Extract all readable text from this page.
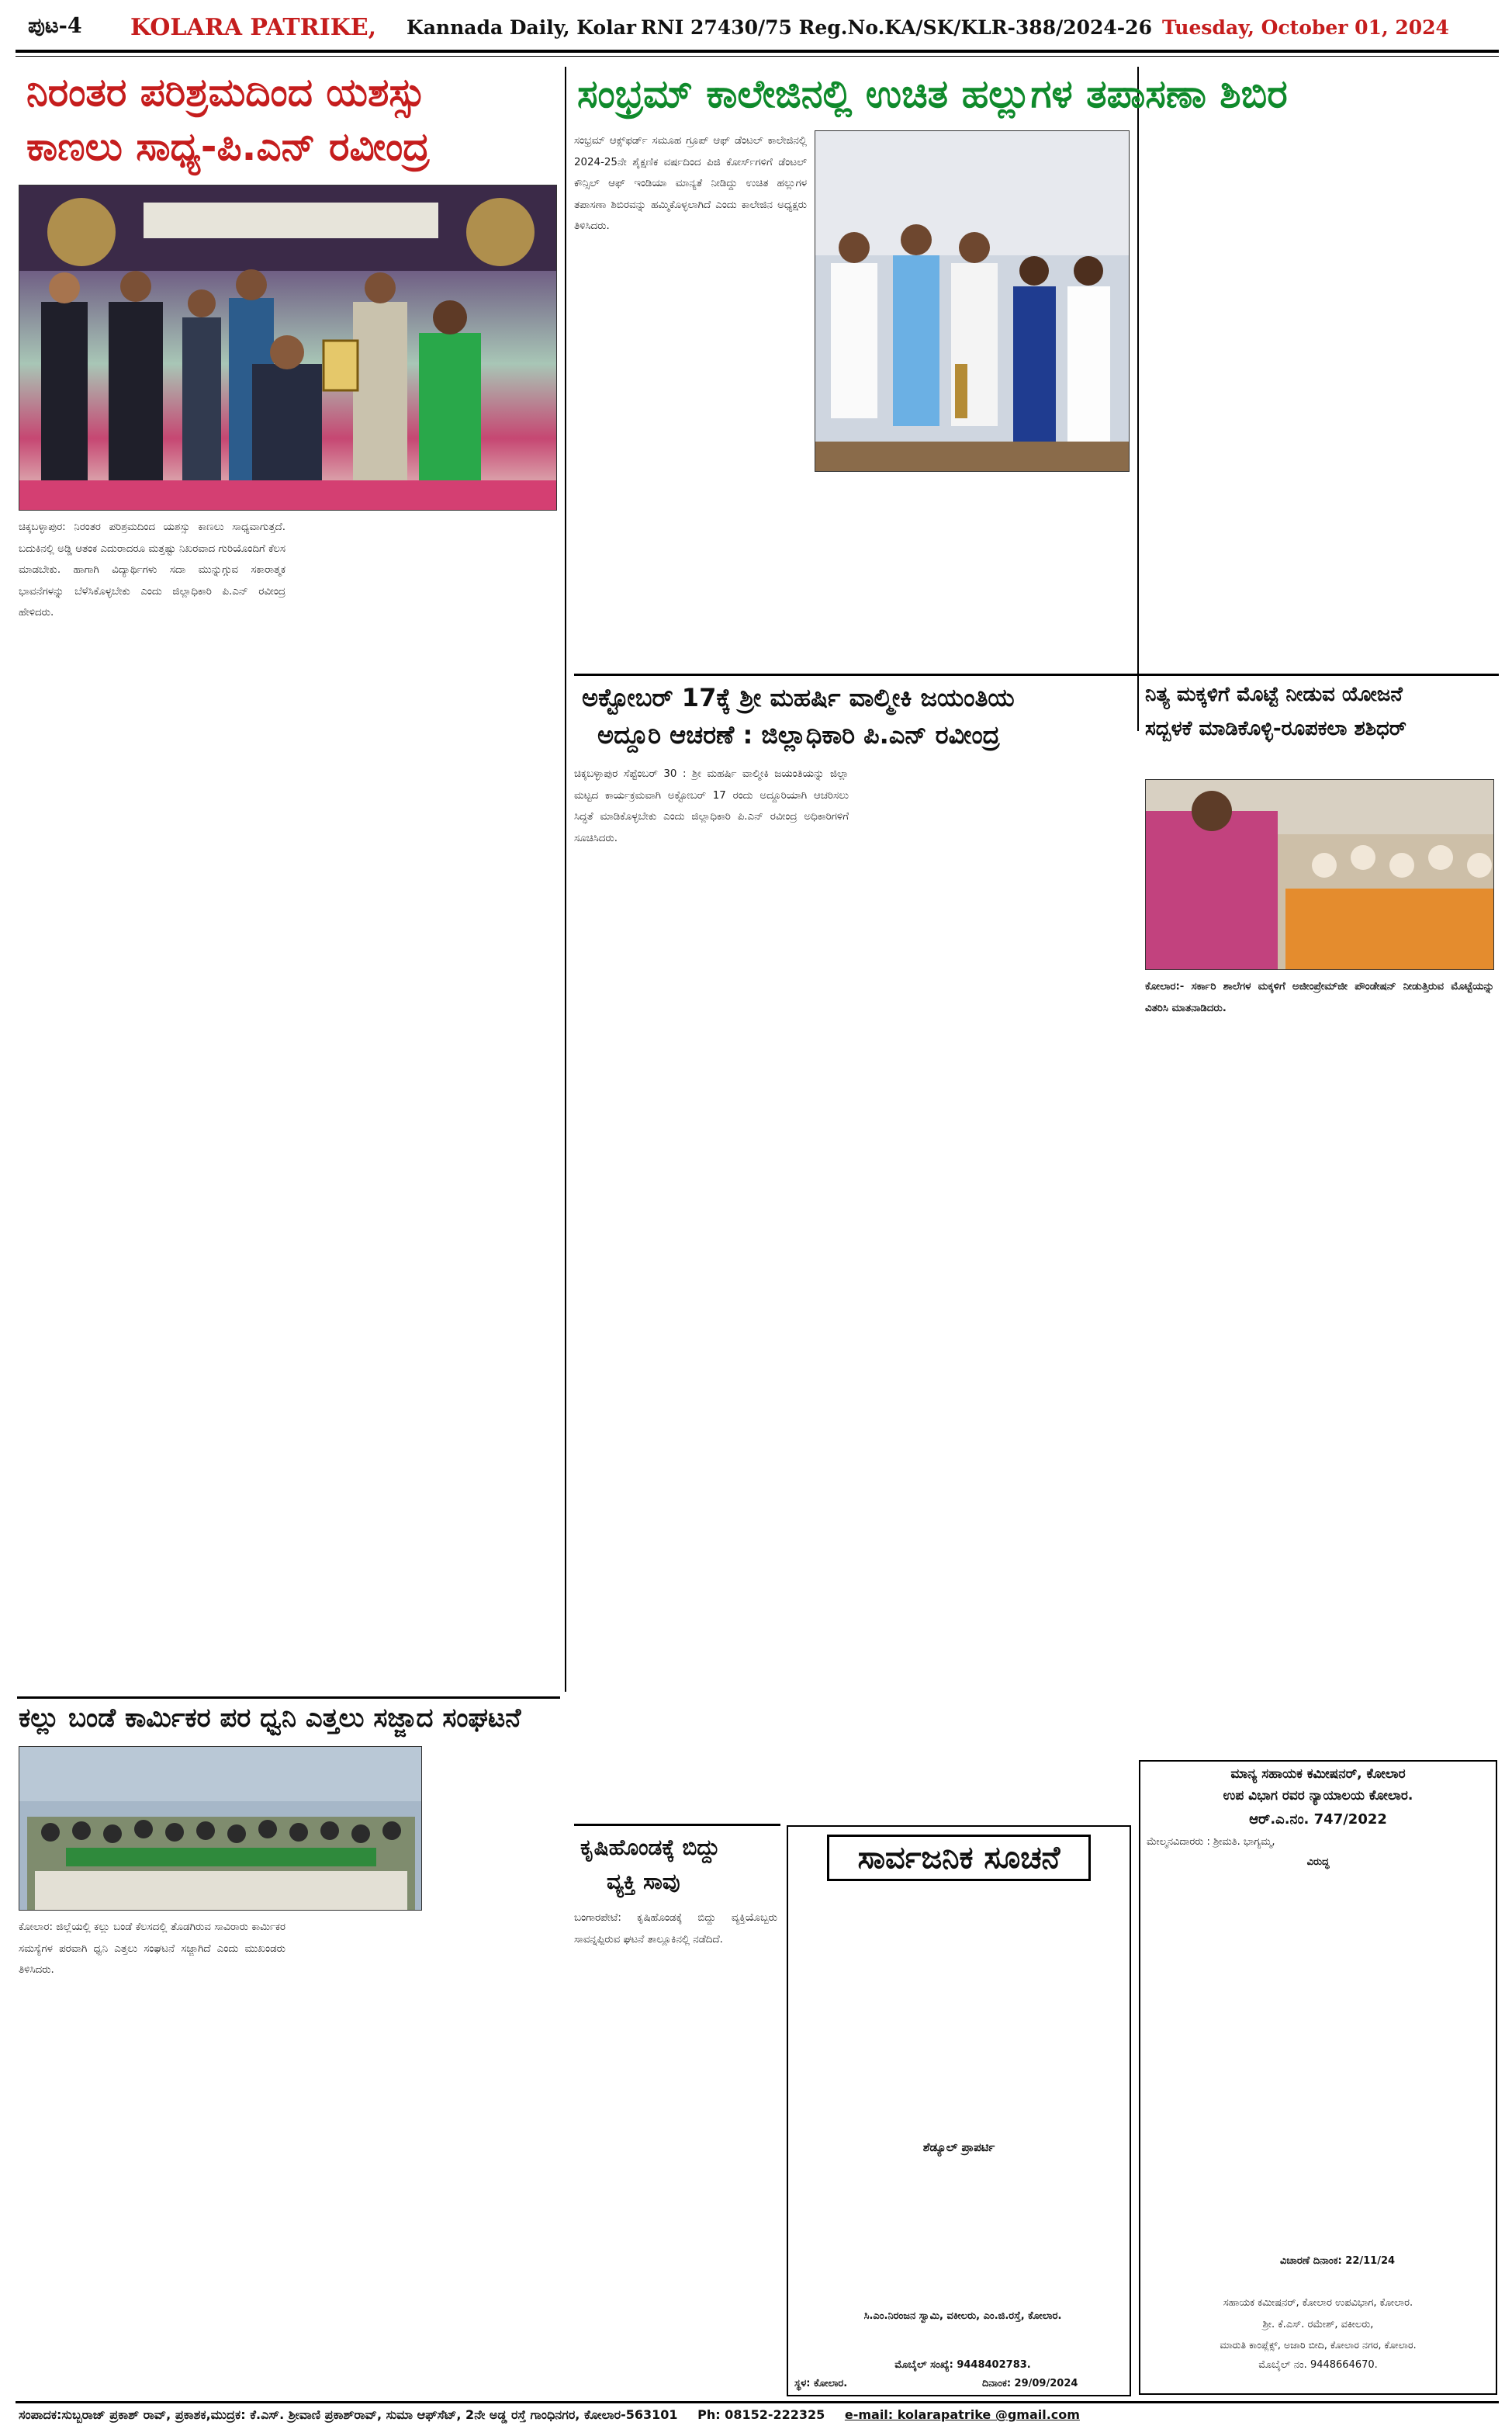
ಪುಟ-4 KOLARA PATRIKE, Kannada Daily, Kolar RNI 27430/75 Reg.No.KA/SK/KLR-388/2024-26 Tuesday, October 01, 2024
ನಿರಂತರ ಪರಿಶ್ರಮದಿಂದ ಯಶಸ್ಸು
ಕಾಣಲು ಸಾಧ್ಯ-ಪಿ.ಎನ್ ರವೀಂದ್ರ
ಚಿಕ್ಕಬಳ್ಳಾಪುರ: ನಿರಂತರ ಪರಿಶ್ರಮದಿಂದ ಯಶಸ್ಸು ಕಾಣಲು ಸಾಧ್ಯವಾಗುತ್ತದೆ. ಬದುಕಿನಲ್ಲಿ ಅಡ್ಡಿ ಆತಂಕ ಎದುರಾದರೂ ಮತ್ತಷ್ಟು ನಿಖರವಾದ ಗುರಿಯೊಂದಿಗೆ ಕೆಲಸ ಮಾಡಬೇಕು. ಹಾಗಾಗಿ ವಿದ್ಯಾರ್ಥಿಗಳು ಸದಾ ಮುನ್ನುಗ್ಗುವ ಸಕಾರಾತ್ಮಕ ಭಾವನೆಗಳನ್ನು ಬೆಳೆಸಿಕೊಳ್ಳಬೇಕು ಎಂದು ಜಿಲ್ಲಾಧಿಕಾರಿ ಪಿ.ಎನ್ ರವೀಂದ್ರ ಹೇಳಿದರು.
ಕಲ್ಲು ಬಂಡೆ ಕಾರ್ಮಿಕರ ಪರ ಧ್ವನಿ ಎತ್ತಲು ಸಜ್ಜಾದ ಸಂಘಟನೆ
ಕೋಲಾರ: ಜಿಲ್ಲೆಯಲ್ಲಿ ಕಲ್ಲು ಬಂಡೆ ಕೆಲಸದಲ್ಲಿ ತೊಡಗಿರುವ ಸಾವಿರಾರು ಕಾರ್ಮಿಕರ ಸಮಸ್ಯೆಗಳ ಪರವಾಗಿ ಧ್ವನಿ ಎತ್ತಲು ಸಂಘಟನೆ ಸಜ್ಜಾಗಿದೆ ಎಂದು ಮುಖಂಡರು ತಿಳಿಸಿದರು.
ಸಂಭ್ರಮ್ ಕಾಲೇಜಿನಲ್ಲಿ ಉಚಿತ ಹಲ್ಲುಗಳ ತಪಾಸಣಾ ಶಿಬಿರ
ಸಂಭ್ರಮ್ ಆಕ್ಸ್‌ಫರ್ಡ್ ಸಮೂಹ ಗ್ರೂಪ್ ಆಫ್ ಡೆಂಟಲ್ ಕಾಲೇಜಿನಲ್ಲಿ 2024-25ನೇ ಶೈಕ್ಷಣಿಕ ವರ್ಷದಿಂದ ಪಿಜಿ ಕೋರ್ಸ್‌ಗಳಿಗೆ ಡೆಂಟಲ್ ಕೌನ್ಸಿಲ್ ಆಫ್ ಇಂಡಿಯಾ ಮಾನ್ಯತೆ ನೀಡಿದ್ದು ಉಚಿತ ಹಲ್ಲುಗಳ ತಪಾಸಣಾ ಶಿಬಿರವನ್ನು ಹಮ್ಮಿಕೊಳ್ಳಲಾಗಿದೆ ಎಂದು ಕಾಲೇಜಿನ ಅಧ್ಯಕ್ಷರು ತಿಳಿಸಿದರು.
ಅಕ್ಟೋಬರ್ 17ಕ್ಕೆ ಶ್ರೀ ಮಹರ್ಷಿ ವಾಲ್ಮೀಕಿ ಜಯಂತಿಯ
ಅದ್ದೂರಿ ಆಚರಣೆ : ಜಿಲ್ಲಾಧಿಕಾರಿ ಪಿ.ಎನ್ ರವೀಂದ್ರ
ಚಿಕ್ಕಬಳ್ಳಾಪುರ ಸೆಪ್ಟೆಂಬರ್ 30 : ಶ್ರೀ ಮಹರ್ಷಿ ವಾಲ್ಮೀಕಿ ಜಯಂತಿಯನ್ನು ಜಿಲ್ಲಾ ಮಟ್ಟದ ಕಾರ್ಯಕ್ರಮವಾಗಿ ಅಕ್ಟೋಬರ್ 17 ರಂದು ಅದ್ದೂರಿಯಾಗಿ ಆಚರಿಸಲು ಸಿದ್ಧತೆ ಮಾಡಿಕೊಳ್ಳಬೇಕು ಎಂದು ಜಿಲ್ಲಾಧಿಕಾರಿ ಪಿ.ಎನ್ ರವೀಂದ್ರ ಅಧಿಕಾರಿಗಳಿಗೆ ಸೂಚಿಸಿದರು.
ನಿತ್ಯ ಮಕ್ಕಳಿಗೆ ಮೊಟ್ಟೆ ನೀಡುವ ಯೋಜನೆ
ಸದ್ಬಳಕೆ ಮಾಡಿಕೊಳ್ಳಿ-ರೂಪಕಲಾ ಶಶಿಧರ್
ಕೋಲಾರ:- ಸರ್ಕಾರಿ ಶಾಲೆಗಳ ಮಕ್ಕಳಿಗೆ ಅಜೀಂಪ್ರೇಮ್‌ಜೀ ಪೌಂಡೇಷನ್ ನೀಡುತ್ತಿರುವ ಮೊಟ್ಟೆಯನ್ನು ವಿತರಿಸಿ ಮಾತನಾಡಿದರು.
ಕೃಷಿಹೊಂಡಕ್ಕೆ ಬಿದ್ದು
ವ್ಯಕ್ತಿ ಸಾವು
ಬಂಗಾರಪೇಟೆ: ಕೃಷಿಹೊಂಡಕ್ಕೆ ಬಿದ್ದು ವ್ಯಕ್ತಿಯೊಬ್ಬರು ಸಾವನ್ನಪ್ಪಿರುವ ಘಟನೆ ತಾಲ್ಲೂಕಿನಲ್ಲಿ ನಡೆದಿದೆ.
ಸಾರ್ವಜನಿಕ ಸೂಚನೆ
ಶೆಡ್ಯೂಲ್ ಪ್ರಾಪರ್ಟಿ
ಸಿ.ಎಂ.ನಿರಂಜನ ಸ್ವಾಮಿ, ವಕೀಲರು, ಎಂ.ಜಿ.ರಸ್ತೆ, ಕೋಲಾರ.
ಮೊಬೈಲ್ ಸಂಖ್ಯೆ: 9448402783.
ಸ್ಥಳ: ಕೋಲಾರ.	ದಿನಾಂಕ: 29/09/2024
ಮಾನ್ಯ ಸಹಾಯಕ ಕಮೀಷನರ್, ಕೋಲಾರ
ಉಪ ವಿಭಾಗ ರವರ ನ್ಯಾಯಾಲಯ ಕೋಲಾರ.
ಆರ್.ಎ.ನಂ. 747/2022
ಮೇಲ್ಮನವಿದಾರರು : ಶ್ರೀಮತಿ. ಭಾಗ್ಯಮ್ಮ,
ವಿರುದ್ಧ
ವಿಚಾರಣೆ ದಿನಾಂಕ: 22/11/24
ಸಹಾಯಕ ಕಮೀಷನರ್, ಕೋಲಾರ ಉಪವಿಭಾಗ, ಕೋಲಾರ.
ಶ್ರೀ. ಕೆ.ಎಸ್. ರಮೇಶ್, ವಕೀಲರು,
ಮಾರುತಿ ಕಾಂಪ್ಲೆಕ್ಸ್, ಅಜಾರಿ ಬೀದಿ, ಕೋಲಾರ ನಗರ, ಕೋಲಾರ.
ಮೊಬೈಲ್ ನಂ. 9448664670.
ಸಂಪಾದಕ:ಸುಬ್ಬರಾಜ್ ಪ್ರಕಾಶ್ ರಾವ್, ಪ್ರಕಾಶಕ,ಮುದ್ರಕ: ಕೆ.ಎಸ್. ಶ್ರೀವಾಣಿ ಪ್ರಕಾಶ್‌ರಾವ್, ಸುಮಾ ಆಫ್‌ಸೆಟ್, 2ನೇ ಅಡ್ಡ ರಸ್ತೆ ಗಾಂಧಿನಗರ, ಕೋಲಾರ-563101 Ph: 08152-222325 e-mail: kolarapatrike @gmail.com
